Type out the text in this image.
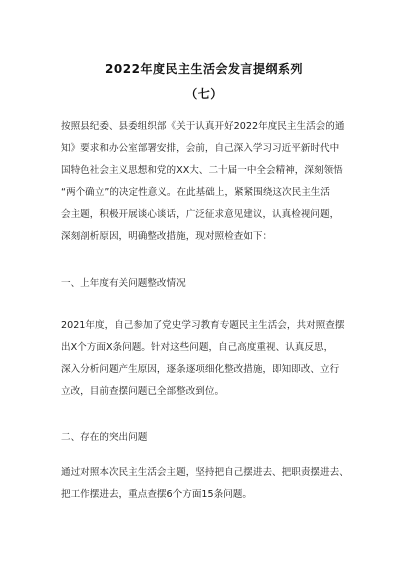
2022年度民主生活会发言提纲系列
（七）
按照县纪委、县委组织部《关于认真开好2022年度民主生活会的通
知》要求和办公室部署安排，会前，自己深入学习习近平新时代中
国特色社会主义思想和党的XX大、二十届一中全会精神，深刻领悟
“两个确立”的决定性意义。在此基础上，紧紧围绕这次民主生活
会主题，积极开展谈心谈话，广泛征求意见建议，认真检视问题，
深刻剖析原因，明确整改措施，现对照检查如下：
一、上年度有关问题整改情况
2021年度，自己参加了党史学习教育专题民主生活会，共对照查摆
出X个方面X条问题。针对这些问题，自己高度重视、认真反思，
深入分析问题产生原因，逐条逐项细化整改措施，即知即改、立行
立改，目前查摆问题已全部整改到位。
二、存在的突出问题
通过对照本次民主生活会主题，坚持把自己摆进去、把职责摆进去、
把工作摆进去，重点查摆6个方面15条问题。
